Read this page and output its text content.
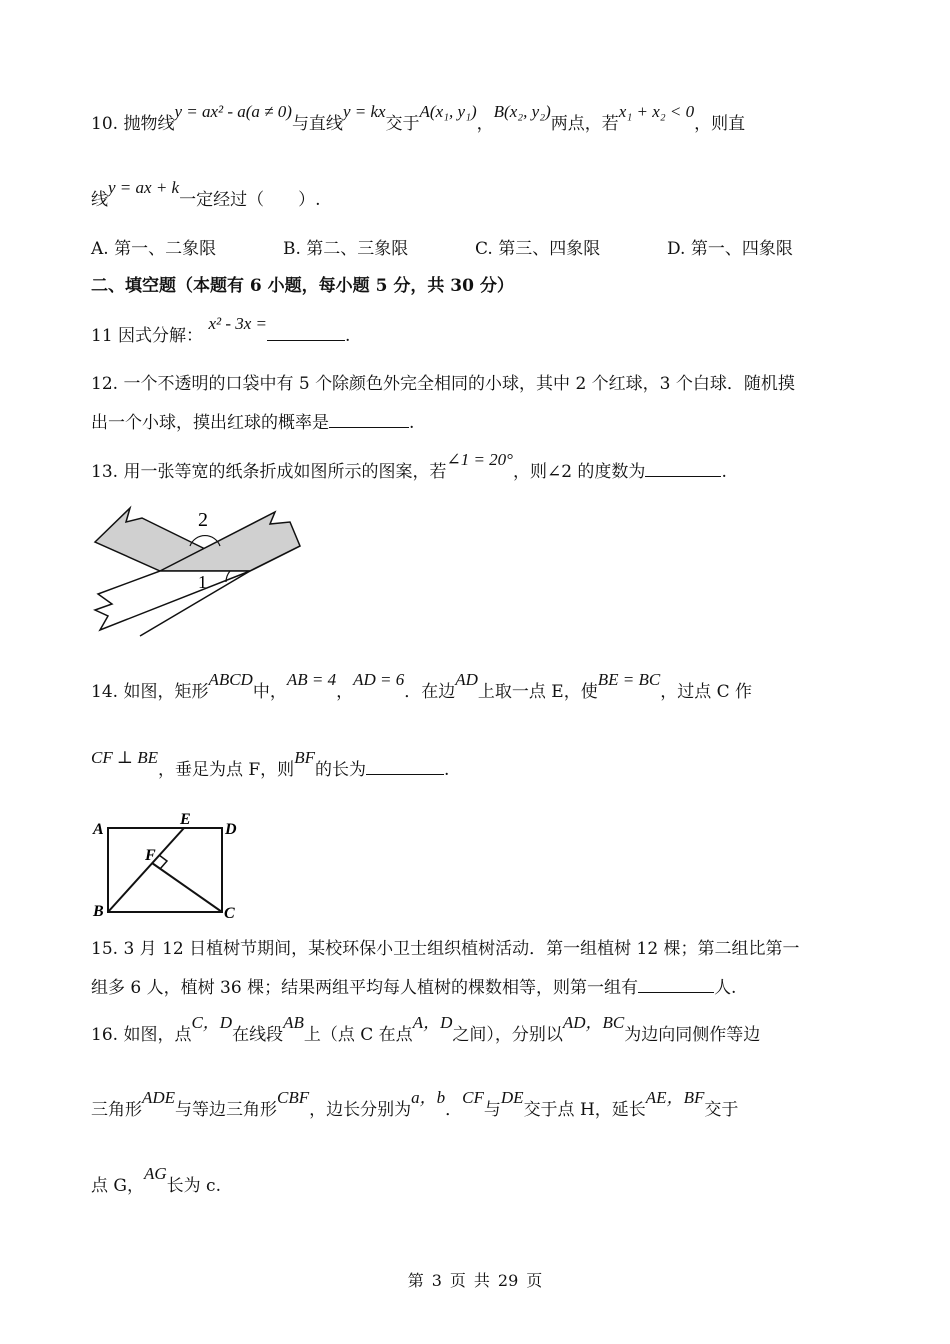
10. 抛物线y = ax² - a(a ≠ 0)与直线y = kx交于A(x₁, y₁)，B(x₂, y₂)两点，若x₁ + x₂ < 0，则直
线y = ax + k一定经过（　　）.
A. 第一、二象限	B. 第二、三象限	C. 第三、四象限	D. 第一、四象限
二、填空题（本题有 6 小题，每小题 5 分，共 30 分）
11 因式分解： x² - 3x =.
12. 一个不透明的口袋中有 5 个除颜色外完全相同的小球，其中 2 个红球，3 个白球．随机摸
出一个小球，摸出红球的概率是	.
13. 用一张等宽的纸条折成如图所示的图案，若∠1 = 20°，则∠2 的度数为	.
2
1
14. 如图，矩形ABCD中，AB = 4，AD = 6．在边AD上取一点 E，使BE = BC，过点 C 作
CF ⊥ BE，垂足为点 F，则BF的长为	.
A	D
E
F
B	C
15. 3 月 12 日植树节期间，某校环保小卫士组织植树活动．第一组植树 12 棵；第二组比第一
组多 6 人，植树 36 棵；结果两组平均每人植树的棵数相等，则第一组有	人.
16. 如图，点C，D在线段AB上（点 C 在点A，D之间），分别以AD，BC为边向同侧作等边
三角形ADE与等边三角形CBF，边长分别为a，b．CF与DE交于点 H，延长AE，BF交于
点 G，AG长为 c.
第 3 页 共 29 页
